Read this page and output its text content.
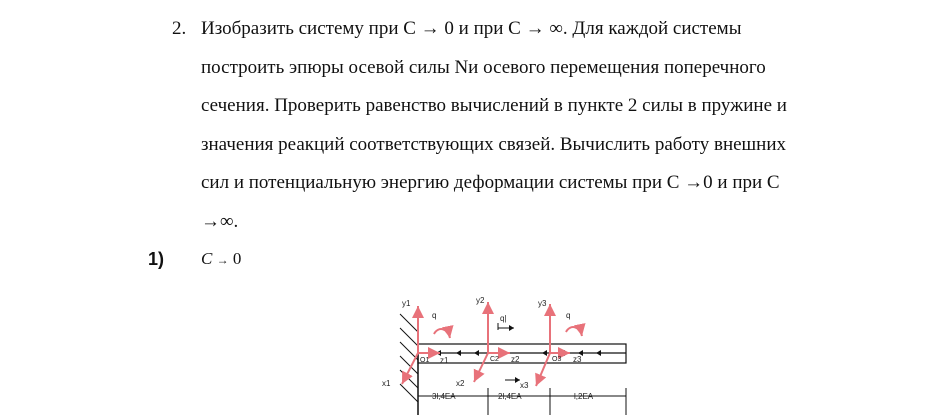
2. Изобразить систему при С → 0 и при С → ∞. Для каждой системы
построить эпюры осевой силы Nи осевого перемещения поперечного
сечения. Проверить равенство вычислений в пункте 2 силы в пружине и
значения реакций соответствующих связей. Вычислить работу внешних
сил и потенциальную энергию деформации системы при С →0 и при С
→∞.
1) C → 0
y1	y2	y3
x1	x2	x3
z1	z2	z3
O1	C2	O3
q	q|	q
3l,4EA	2l,4EA	l,2EA
